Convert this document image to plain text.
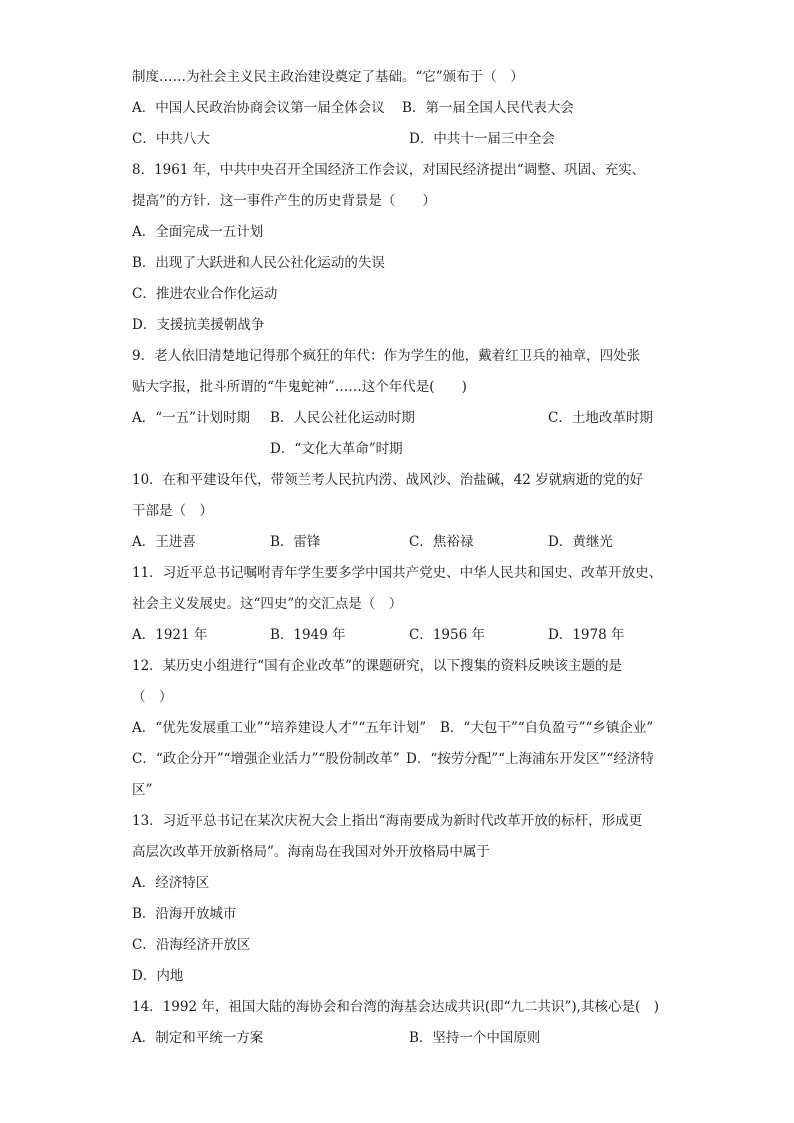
制度……为社会主义民主政治建设奠定了基础。“它”颁布于（　）
A．中国人民政治协商会议第一届全体会议 B．第一届全国人民代表大会
C．中共八大	D．中共十一届三中全会
8．1961 年，中共中央召开全国经济工作会议，对国民经济提出“调整、巩固、充实、
提高”的方针．这一事件产生的历史背景是（　　）
A．全面完成一五计划
B．出现了大跃进和人民公社化运动的失误
C．推进农业合作化运动
D．支援抗美援朝战争
9．老人依旧清楚地记得那个疯狂的年代：作为学生的他，戴着红卫兵的袖章，四处张
贴大字报，批斗所谓的“牛鬼蛇神”……这个年代是(　　)
A．“一五”计划时期 B．人民公社化运动时期	C．土地改革时期
D．“文化大革命”时期
10．在和平建设年代，带领兰考人民抗内涝、战风沙、治盐碱，42 岁就病逝的党的好
干部是（　）
A．王进喜	B．雷锋	C．焦裕禄	D．黄继光
11．习近平总书记嘱咐青年学生要多学中国共产党史、中华人民共和国史、改革开放史、
社会主义发展史。这“四史”的交汇点是（　）
A．1921 年	B．1949 年	C．1956 年	D．1978 年
12．某历史小组进行“国有企业改革”的课题研究，以下搜集的资料反映该主题的是
（　）
A．“优先发展重工业”“培养建设人才”“五年计划” B．“大包干”“自负盈亏”“乡镇企业”
C．“政企分开”“增强企业活力”“股份制改革” D．“按劳分配”“上海浦东开发区”“经济特
区”
13．习近平总书记在某次庆祝大会上指出“海南要成为新时代改革开放的标杆，形成更
高层次改革开放新格局”。海南岛在我国对外开放格局中属于
A．经济特区
B．沿海开放城市
C．沿海经济开放区
D．内地
14．1992 年，祖国大陆的海协会和台湾的海基会达成共识(即“九二共识”),其核心是(　)
A．制定和平统一方案	B．坚持一个中国原则
